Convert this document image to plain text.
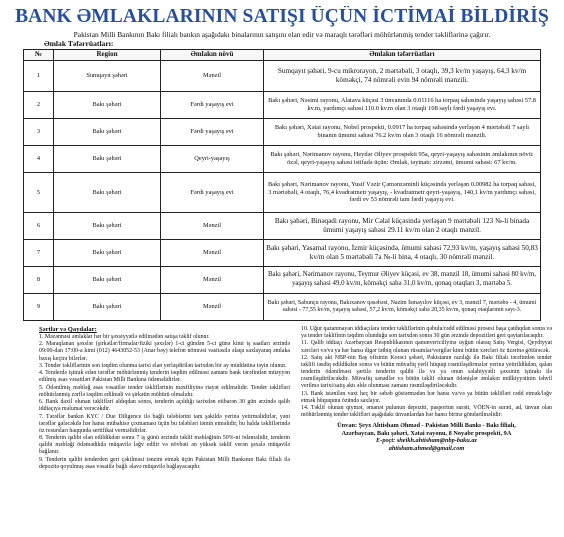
BANK ƏMLAKLARININ SATIŞI ÜÇÜN İCTİMAİ BİLDİRİŞ
Pakistan Milli Bankının Bakı filialı bankın aşağıdakı binalarının satışını elan edir və maraqlı tərəfləri möhürlənmiş tender təkliflərinə çağırır.
Əmlak Təfərrüatları:
№	Region	Əmlakın növü	Əmlakın təfərrüatları
1	Sumqayıt şəhəri	Mənzil	Sumqayıt şəhəri, 9-cu mikrorayon, 2 mərtəbəli, 3 otaqlı, 39,3 kv/m yaşayış, 64,3 kv/m köməkçi, 74 nömrəli evin 94 nömrəli mənzili.
2	Bakı şəhəri	Fərdi yaşayış evi	Bakı şəhəri, Nəsimi rayonu, Alatava küçəsi 3 ünvanında 0.01116 ha torpaq sahəsində yaşayış sahəsi 57.8 kv.m, yardımçı sahəsi 110.0 kv.m olan 3 otaqlı 108 saylı fərdi yaşayış evi.
3	Bakı şəhəri	Fərdi yaşayış evi	Bakı şəhəri, Xətai rayonu, Nobel prospekti, 0.0917 ha torpaq sahəsində yerləşən 4 mərtəbəli 7 saylı binanın ümumi sahəsi 76.2 kv/m olan 3 otaqlı 16 nömrəli mənzili.
4	Bakı şəhəri	Qeyri-yaşayış	Bakı şəhəri, Nərimanov rayonu, Heydər Əliyev prospekti 95a, qeyri-yaşayış sahəsinin əmlakının növü: özəl, qeyri-yaşayış sahəsi istifadə üçün: Əmlak, təyinatı: zirzəmi, ümumi sahəsi: 67 kv/m.
5	Bakı şəhəri	Fərdi yaşayış evi	Bakı şəhəri, Nərimanov rayonu, Yusif Vəzir Çəmənzəminli küçəsində yerləşən 0.00982 ha torpaq sahəsi, 3 mərtəbəli, 4 otaqlı, 76,4 kvadratmetr yaşayış, - kvadratmetr qeyri-yaşayış, 140,1 kv/m yardımçı sahəsi, fərdi ev 53 nömrəli tam fərdi yaşayış evi.
6	Bakı şəhəri	Mənzil	Bakı şəhəri, Binəqədi rayonu, Mir Cəlal küçəsində yerləşən 9 mərtəbəli 123 №-li binada ümumi yaşayış sahəsi 29.11 kv/m olan 2 otaqlı mənzil.
7	Bakı şəhəri	Mənzil	Bakı şəhəri, Yasamal rayonu, İzmir küçəsində, ümumi sahəsi 72,93 kv/m, yaşayış sahəsi 50,83 kv/m olan 5 mərtəbəli 7a №-li bina, 4 otaqlı, 30 nömrəli mənzil.
8	Bakı şəhəri	Mənzil	Bakı şəhəri, Nərimanov rayonu, Teymur Əliyev küçəsi, ev 38, mənzil 18, ümumi sahəsi 80 kv/m, yaşayış sahəsi 49,0 kv/m, köməkçi sahə 31,0 kv/m, qonaq otaqları 3, mərtəbə 5.
9	Bakı şəhəri	Mənzil	Bakı şəhəri, Sabunçu rayonu, Bakıxanov qəsəbəsi, Nazim İsmayılov küçəsi, ev 3, mənzil 7, mərtəbə - 4, ümumi sahəsi - 77,55 kv/m, yaşayış sahəsi, 57,2 kv/m, köməkçi sahə 20,35 kv/m, qonaq otaqlarının sayı-3.
Şərtlər və Qaydalar:

1. Məzənnəsi əmlaklar hər bir şəxsiyyətlə edilmədən satışa təklif olunur.

2. Maraqlanan şəxslər (şirkətlər/firmalar/fiziki şəxslər) 1-ci gündən 5-ci günə kimi iş saatları ərzində 09:00-dan 17:00-a kimi (012) 4643052-53 (Anar bəy) telefon nömrəsi vasitəsilə əlaqə saxlayaraq əmlaka baxış keçirə bilərlər.

3. Tender təkliflərinin son təqdim olunma tarixi elan yerləşdirilən tarixdən bir ay müddətinə təyin olunur.

4. Tenderdə iştirak edən tərəflər möhürlənmiş tenderin təqdim edilməsi zamanı bank tərəfindən müəyyən edilmiş əsas vəsaitləri Pakistan Milli Bankına ödəməlidirlər.

5. Ödənilmiş məbləğ əsas vəsaitlər tender təkliflərinin məxfiliyinə riayət edilməlidir. Tender təklifləri möhürlənmiş zərflə təqdim edilməli və şirkətin möhürü olmalıdır.

6. Bank daxil olunan təklifləri aldıqdan sonra, tenderin açıldığı tarixdən etibarən 30 gün ərzində qalib iddiaçıya məlumat verəcəkdir.

7. Tərəflər bankın KYC / Due Diligence ilə bağlı tələblərini tam şəkildə yerinə yetirməlidirlər, yəni tərəflər gələcəkdə hər hansı mübahisə çıxmaması üçün bu tələbləri təmin etməlidir, bu halda təkliflərində öz resursları haqqında sertifikat verməlidirlər.

8. Tenderin qalibi elan edildikdən sonra 7 iş günü ərzində təklif məbləğinin 50%-ni ödəməlidir, tenderin qalibi məbləği ödəmədikdə müqavilə ləğv edilir və növbəti ən yüksək təklif verən şəxslə müqavilə bağlanır.

9. Tenderin qalibi tenderden geri çəkilməsi tənzim etmək üçün Pakistan Milli Bankının Bakı filialı ilə depozitə qoyulmuş əsas vəsaitlə bağlı əlavə müqavilə bağlayacaqdır.

10. Uğur qazanmayan iddiaçılara tender təkliflərinin qəbulu/rədd edilməsi prosesi başa çatdıqdan sonra və ya tender təklifinin təqdim olunduğu son tarixdən sonra 30 gün ərzində depozitləri geri qaytarılacaqdır.

11. Qalib iddiaçı Azərbaycan Respublikasının qanunvericiliyinə uyğun olaraq Satış Vergisi, Qeydiyyat xərcləri və/və ya hər hansı digər tətbiq olunan rüsumlar/vergilər kimi bütün xərcləri öz üzərinə götürəcək.

12. Satış akt NBP-nin Baş ofisinin Korəci şəhəri, Pakistanın razılığı ilə Bakı filialı tərəfindən tender təklifi təsdiq edildikdən sonra və bütün müvafiq yerli hüquqi rəsmiləşdirmələr yerinə yetirildikdən, qalan tenderin ödənilməsi şərtilə tenderin qalibi ilə və ya onun səlahiyyətli şəxsinin iştirakı ilə rəsmiləşdiriləcəkdir. Müvafiq sənədlər və bütün təklif olunan ödənişlər əmlakın mülkiyyətinin təhvil verilmə tarixi/satış aktı əldə olunması zamanı rəsmiləşdiriləcəkdir.

13. Bank istənilən vaxt heç bir səbəb göstərmədən hər hansı və/və ya bütün təklifləri rədd etmək/ləğv etmək hüququnu özündə saxlayır.

14. Təklif olunan qiymət, əmanət pulunun depoziti, pasportun surəti, VÖEN-in surəti, ad, ünvan olan möhürlənmiş tender təklifləri aşağıdakı ünvanlardan hər hansı birinə göndərilməlidir:

Ünvan: Şeyx Ahtisham Əhməd - Pakistan Milli Bankı - Bakı filialı,
Azərbaycan, Bakı şəhəri, Xətai rayonu, 8 Noyabr prospekti, 9A
E-poçt: sheikh.ahtisham@nbp-baku.az
ahtisham.ahmed@gmail.com
